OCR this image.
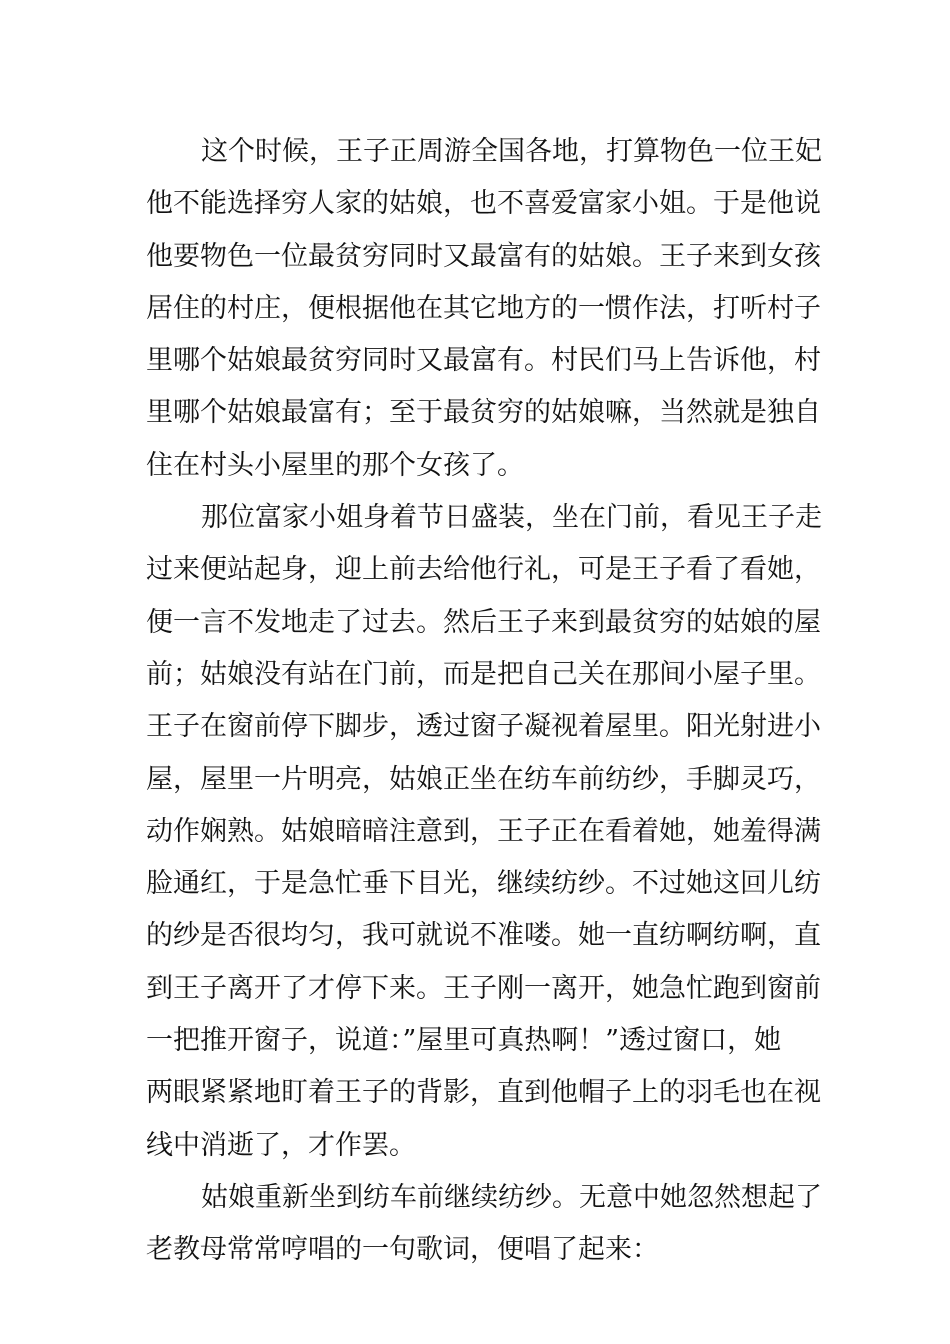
这个时候，王子正周游全国各地，打算物色一位王妃
他不能选择穷人家的姑娘，也不喜爱富家小姐。于是他说
他要物色一位最贫穷同时又最富有的姑娘。王子来到女孩
居住的村庄，便根据他在其它地方的一惯作法，打听村子
里哪个姑娘最贫穷同时又最富有。村民们马上告诉他，村
里哪个姑娘最富有；至于最贫穷的姑娘嘛，当然就是独自
住在村头小屋里的那个女孩了。
那位富家小姐身着节日盛装，坐在门前，看见王子走
过来便站起身，迎上前去给他行礼，可是王子看了看她，
便一言不发地走了过去。然后王子来到最贫穷的姑娘的屋
前；姑娘没有站在门前，而是把自己关在那间小屋子里。
王子在窗前停下脚步，透过窗子凝视着屋里。阳光射进小
屋，屋里一片明亮，姑娘正坐在纺车前纺纱，手脚灵巧，
动作娴熟。姑娘暗暗注意到，王子正在看着她，她羞得满
脸通红，于是急忙垂下目光，继续纺纱。不过她这回儿纺
的纱是否很均匀，我可就说不准喽。她一直纺啊纺啊，直
到王子离开了才停下来。王子刚一离开，她急忙跑到窗前
一把推开窗子，说道：”屋里可真热啊！”透过窗口，她
两眼紧紧地盯着王子的背影，直到他帽子上的羽毛也在视
线中消逝了，才作罢。
姑娘重新坐到纺车前继续纺纱。无意中她忽然想起了
老教母常常哼唱的一句歌词，便唱了起来：
